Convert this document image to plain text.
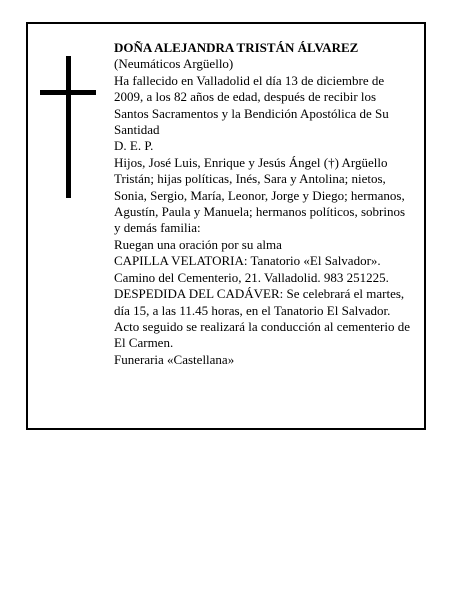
DOÑA ALEJANDRA TRISTÁN ÁLVAREZ

(Neumáticos Argüello)

Ha fallecido en Valladolid el día 13 de diciembre de 2009, a los 82 años de edad, después de recibir los Santos Sacramentos y la Bendición Apostólica de Su Santidad

D. E. P.

Hijos, José Luis, Enrique y Jesús Ángel (†) Argüello Tristán; hijas políticas, Inés, Sara y Antolina; nietos, Sonia, Sergio, María, Leonor, Jorge y Diego; hermanos, Agustín, Paula y Manuela; hermanos políticos, sobrinos y demás familia:

Ruegan una oración por su alma

CAPILLA VELATORIA: Tanatorio «El Salvador». Camino del Cementerio, 21. Valladolid. 983 251225.

DESPEDIDA DEL CADÁVER: Se celebrará el martes, día 15, a las 11.45 horas, en el Tanatorio El Salvador. Acto seguido se realizará la conducción al cementerio de El Carmen.

Funeraria «Castellana»
